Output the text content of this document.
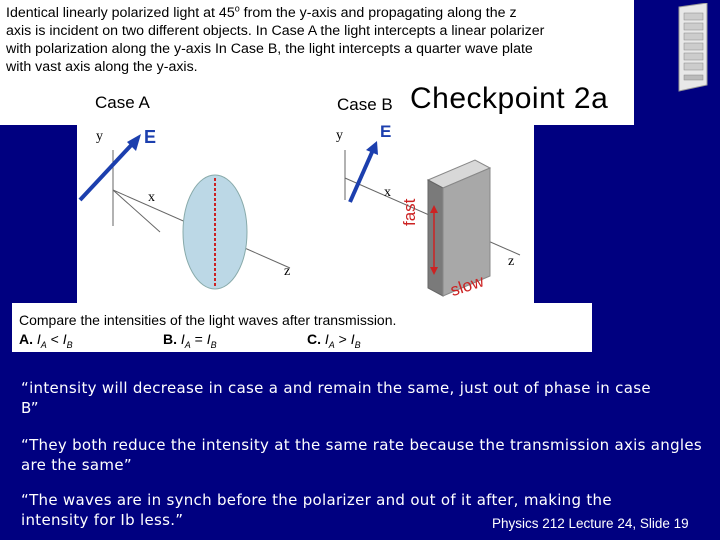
Identical linearly polarized light at 45$^o$ from the y-axis and propagating along the z
axis is incident on two different objects. In Case A the light intercepts a linear polarizer
with polarization along the y-axis In Case B, the light intercepts a quarter wave plate
with vast axis along the y-axis.
Case A	Case B
E	E
y
x
z
y
x
z
fast
slow
Checkpoint 2a
Compare the intensities of the light waves after transmission.
A. $I_A < I_B$	B. $I_A = I_B$	C. $I_A > I_B$
“intensity will decrease in case a and remain the same, just out of phase in case B”
“They both reduce the intensity at the same rate because the transmission axis angles are the same”
“The waves are in synch before the polarizer and out of it after, making the intensity for Ib less.”	Physics 212 Lecture 24, Slide 19
